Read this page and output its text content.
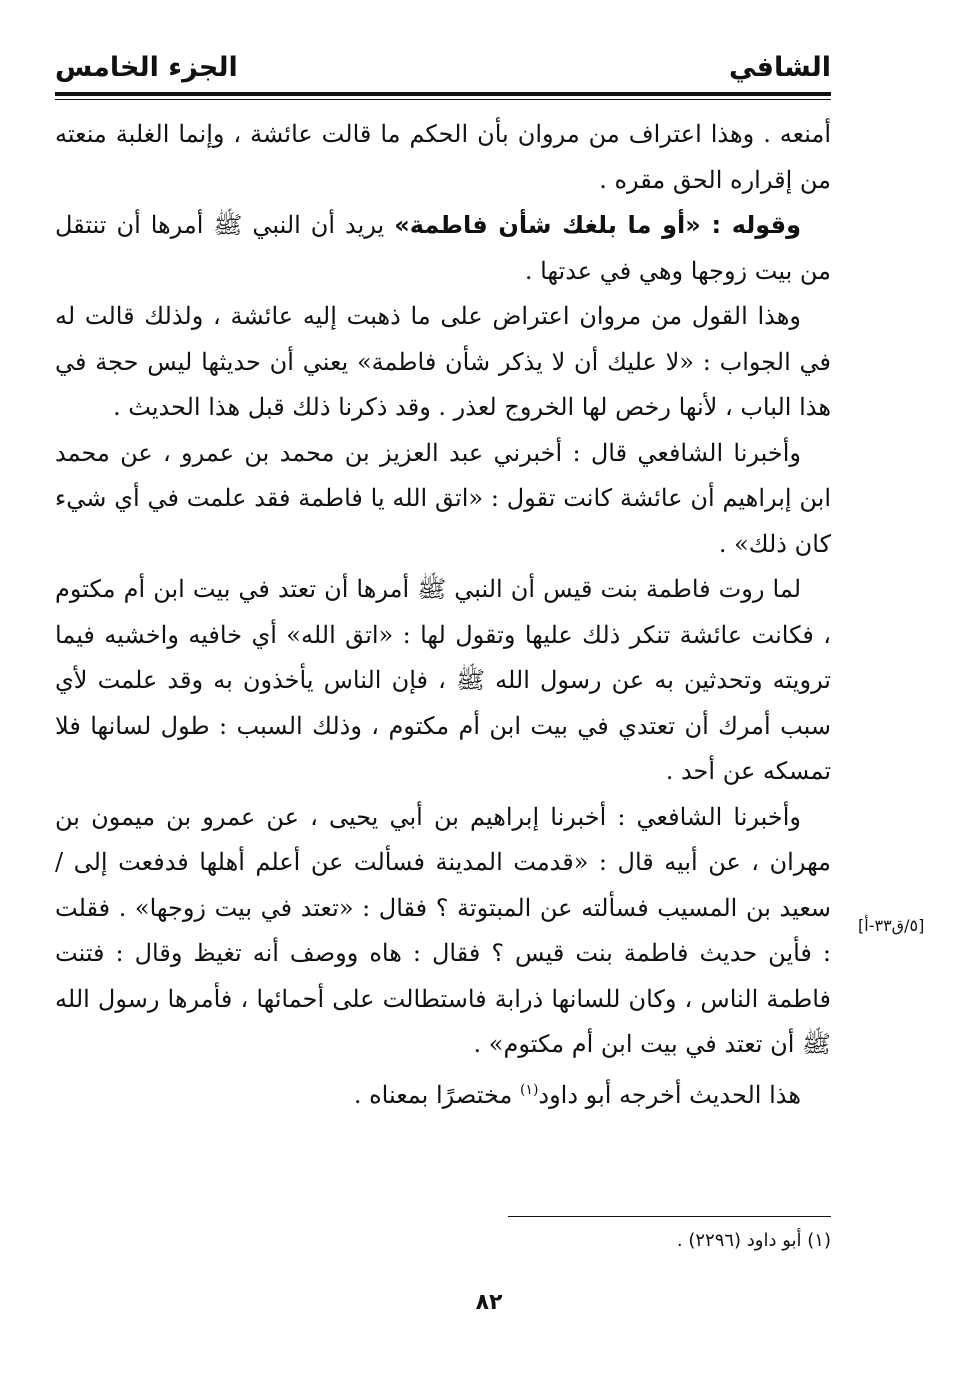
الشافي
الجزء الخامس

أمنعه . وهذا اعتراف من مروان بأن الحكم ما قالت عائشة ، وإنما الغلبة منعته من إقراره الحق مقره .

وقوله : «أو ما بلغك شأن فاطمة» يريد أن النبي ﷺ أمرها أن تنتقل من بيت زوجها وهي في عدتها .

وهذا القول من مروان اعتراض على ما ذهبت إليه عائشة ، ولذلك قالت له في الجواب : «لا عليك أن لا يذكر شأن فاطمة» يعني أن حديثها ليس حجة في هذا الباب ، لأنها رخص لها الخروج لعذر . وقد ذكرنا ذلك قبل هذا الحديث .

وأخبرنا الشافعي قال : أخبرني عبد العزيز بن محمد بن عمرو ، عن محمد ابن إبراهيم أن عائشة كانت تقول : «اتق الله يا فاطمة فقد علمت في أي شيء كان ذلك» .

لما روت فاطمة بنت قيس أن النبي ﷺ أمرها أن تعتد في بيت ابن أم مكتوم ، فكانت عائشة تنكر ذلك عليها وتقول لها : «اتق الله» أي خافيه واخشيه فيما ترويته وتحدثين به عن رسول الله ﷺ ، فإن الناس يأخذون به وقد علمت لأي سبب أمرك أن تعتدي في بيت ابن أم مكتوم ، وذلك السبب : طول لسانها فلا تمسكه عن أحد .

وأخبرنا الشافعي : أخبرنا إبراهيم بن أبي يحيى ، عن عمرو بن ميمون بن مهران ، عن أبيه قال : «قدمت المدينة فسألت عن أعلم أهلها فدفعت إلى / سعيد بن المسيب فسألته عن المبتوتة ؟ فقال : «تعتد في بيت زوجها» . فقلت : فأين حديث فاطمة بنت قيس ؟ فقال : هاه ووصف أنه تغيظ وقال : فتنت فاطمة الناس ، وكان للسانها ذرابة فاستطالت على أحمائها ، فأمرها رسول الله ﷺ أن تعتد في بيت ابن أم مكتوم» .

هذا الحديث أخرجه أبو داود$^{(١)}$ مختصرًا بمعناه .

[٥/ق٣٣-أ]
(١) أبو داود (٢٢٩٦) .
٨٢
